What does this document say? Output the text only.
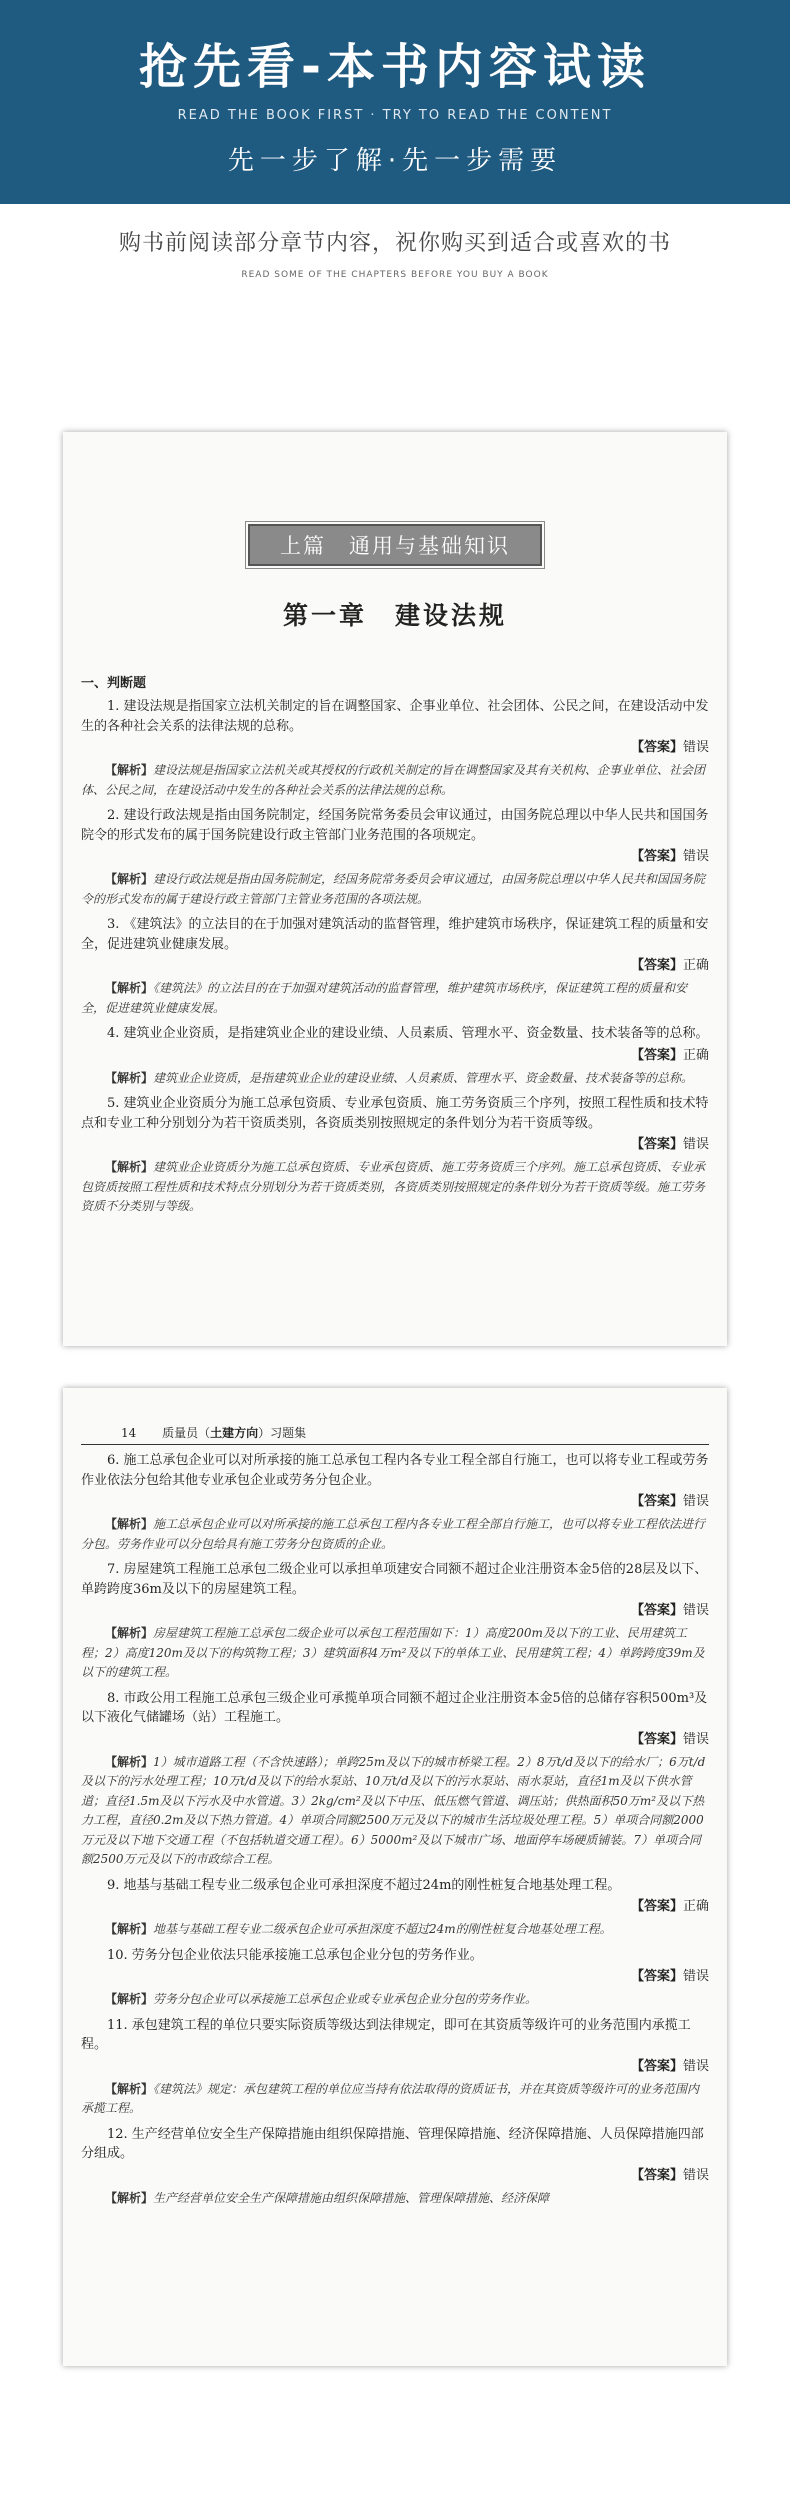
抢先看-本书内容试读
READ THE BOOK FIRST · TRY TO READ THE CONTENT
先一步了解·先一步需要
购书前阅读部分章节内容，祝你购买到适合或喜欢的书
READ SOME OF THE CHAPTERS BEFORE YOU BUY A BOOK
上篇　通用与基础知识
第一章　建设法规
一、判断题

1. 建设法规是指国家立法机关制定的旨在调整国家、企事业单位、社会团体、公民之间，在建设活动中发生的各种社会关系的法律法规的总称。

【答案】错误

【解析】建设法规是指国家立法机关或其授权的行政机关制定的旨在调整国家及其有关机构、企事业单位、社会团体、公民之间，在建设活动中发生的各种社会关系的法律法规的总称。

2. 建设行政法规是指由国务院制定，经国务院常务委员会审议通过，由国务院总理以中华人民共和国国务院令的形式发布的属于国务院建设行政主管部门业务范围的各项规定。

【答案】错误

【解析】建设行政法规是指由国务院制定，经国务院常务委员会审议通过，由国务院总理以中华人民共和国国务院令的形式发布的属于建设行政主管部门主管业务范围的各项法规。

3. 《建筑法》的立法目的在于加强对建筑活动的监督管理，维护建筑市场秩序，保证建筑工程的质量和安全，促进建筑业健康发展。

【答案】正确

【解析】《建筑法》的立法目的在于加强对建筑活动的监督管理，维护建筑市场秩序，保证建筑工程的质量和安全，促进建筑业健康发展。

4. 建筑业企业资质，是指建筑业企业的建设业绩、人员素质、管理水平、资金数量、技术装备等的总称。

【答案】正确

【解析】建筑业企业资质，是指建筑业企业的建设业绩、人员素质、管理水平、资金数量、技术装备等的总称。

5. 建筑业企业资质分为施工总承包资质、专业承包资质、施工劳务资质三个序列，按照工程性质和技术特点和专业工种分别划分为若干资质类别，各资质类别按照规定的条件划分为若干资质等级。

【答案】错误

【解析】建筑业企业资质分为施工总承包资质、专业承包资质、施工劳务资质三个序列。施工总承包资质、专业承包资质按照工程性质和技术特点分别划分为若干资质类别，各资质类别按照规定的条件划分为若干资质等级。施工劳务资质不分类别与等级。

14 质量员（土建方向）习题集

6. 施工总承包企业可以对所承接的施工总承包工程内各专业工程全部自行施工，也可以将专业工程或劳务作业依法分包给其他专业承包企业或劳务分包企业。

【答案】错误

【解析】施工总承包企业可以对所承接的施工总承包工程内各专业工程全部自行施工，也可以将专业工程依法进行分包。劳务作业可以分包给具有施工劳务分包资质的企业。

7. 房屋建筑工程施工总承包二级企业可以承担单项建安合同额不超过企业注册资本金5倍的28层及以下、单跨跨度36m及以下的房屋建筑工程。

【答案】错误

【解析】房屋建筑工程施工总承包二级企业可以承包工程范围如下：1）高度200m及以下的工业、民用建筑工程；2）高度120m及以下的构筑物工程；3）建筑面积4万m²及以下的单体工业、民用建筑工程；4）单跨跨度39m及以下的建筑工程。

8. 市政公用工程施工总承包三级企业可承揽单项合同额不超过企业注册资本金5倍的总储存容积500m³及以下液化气储罐场（站）工程施工。

【答案】错误

【解析】1）城市道路工程（不含快速路）；单跨25m及以下的城市桥梁工程。2）8万t/d及以下的给水厂；6万t/d及以下的污水处理工程；10万t/d及以下的给水泵站、10万t/d及以下的污水泵站、雨水泵站，直径1m及以下供水管道；直径1.5m及以下污水及中水管道。3）2kg/cm²及以下中压、低压燃气管道、调压站；供热面积50万m²及以下热力工程，直径0.2m及以下热力管道。4）单项合同额2500万元及以下的城市生活垃圾处理工程。5）单项合同额2000万元及以下地下交通工程（不包括轨道交通工程）。6）5000m²及以下城市广场、地面停车场硬质铺装。7）单项合同额2500万元及以下的市政综合工程。

9. 地基与基础工程专业二级承包企业可承担深度不超过24m的刚性桩复合地基处理工程。

【答案】正确

【解析】地基与基础工程专业二级承包企业可承担深度不超过24m的刚性桩复合地基处理工程。

10. 劳务分包企业依法只能承接施工总承包企业分包的劳务作业。

【答案】错误

【解析】劳务分包企业可以承接施工总承包企业或专业承包企业分包的劳务作业。

11. 承包建筑工程的单位只要实际资质等级达到法律规定，即可在其资质等级许可的业务范围内承揽工程。

【答案】错误

【解析】《建筑法》规定：承包建筑工程的单位应当持有依法取得的资质证书，并在其资质等级许可的业务范围内承揽工程。

12. 生产经营单位安全生产保障措施由组织保障措施、管理保障措施、经济保障措施、人员保障措施四部分组成。

【答案】错误

【解析】生产经营单位安全生产保障措施由组织保障措施、管理保障措施、经济保障
